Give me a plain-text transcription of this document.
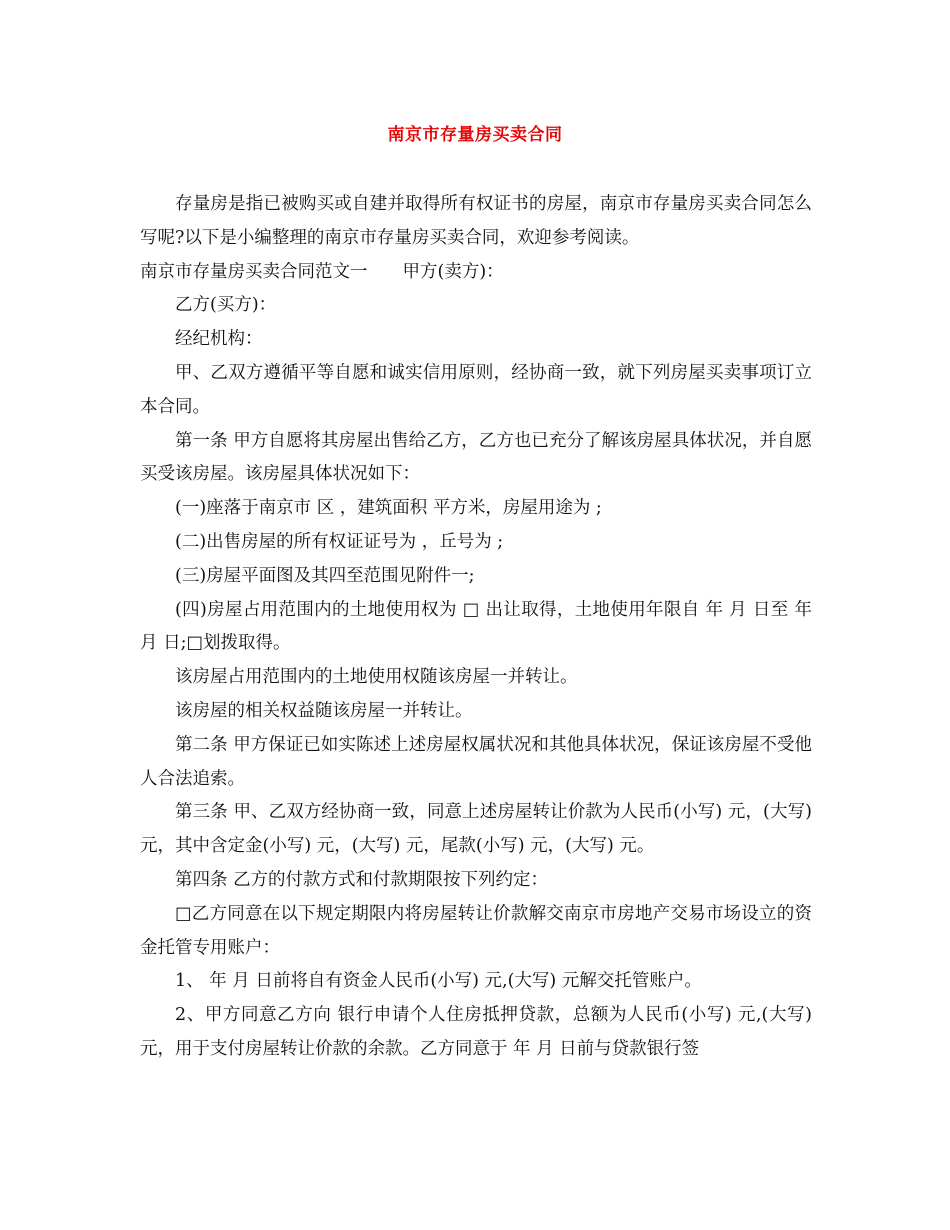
南京市存量房买卖合同

存量房是指已被购买或自建并取得所有权证书的房屋，南京市存量房买卖合同怎么写呢?以下是小编整理的南京市存量房买卖合同，欢迎参考阅读。

南京市存量房买卖合同范文一　　甲方(卖方)：

乙方(买方)：

经纪机构：

甲、乙双方遵循平等自愿和诚实信用原则，经协商一致，就下列房屋买卖事项订立本合同。

第一条 甲方自愿将其房屋出售给乙方，乙方也已充分了解该房屋具体状况，并自愿买受该房屋。该房屋具体状况如下：

(一)座落于南京市 区 ，建筑面积 平方米，房屋用途为 ;

(二)出售房屋的所有权证证号为 ，丘号为 ;

(三)房屋平面图及其四至范围见附件一;

(四)房屋占用范围内的土地使用权为 □ 出让取得，土地使用年限自 年 月 日至 年 月 日;□划拨取得。

该房屋占用范围内的土地使用权随该房屋一并转让。

该房屋的相关权益随该房屋一并转让。

第二条 甲方保证已如实陈述上述房屋权属状况和其他具体状况，保证该房屋不受他人合法追索。

第三条 甲、乙双方经协商一致，同意上述房屋转让价款为人民币(小写) 元，(大写) 元，其中含定金(小写) 元，(大写) 元，尾款(小写) 元，(大写) 元。

第四条 乙方的付款方式和付款期限按下列约定：

□乙方同意在以下规定期限内将房屋转让价款解交南京市房地产交易市场设立的资金托管专用账户：

1、 年 月 日前将自有资金人民币(小写) 元,(大写) 元解交托管账户。

2、甲方同意乙方向 银行申请个人住房抵押贷款，总额为人民币(小写) 元,(大写) 元，用于支付房屋转让价款的余款。乙方同意于 年 月 日前与贷款银行签
